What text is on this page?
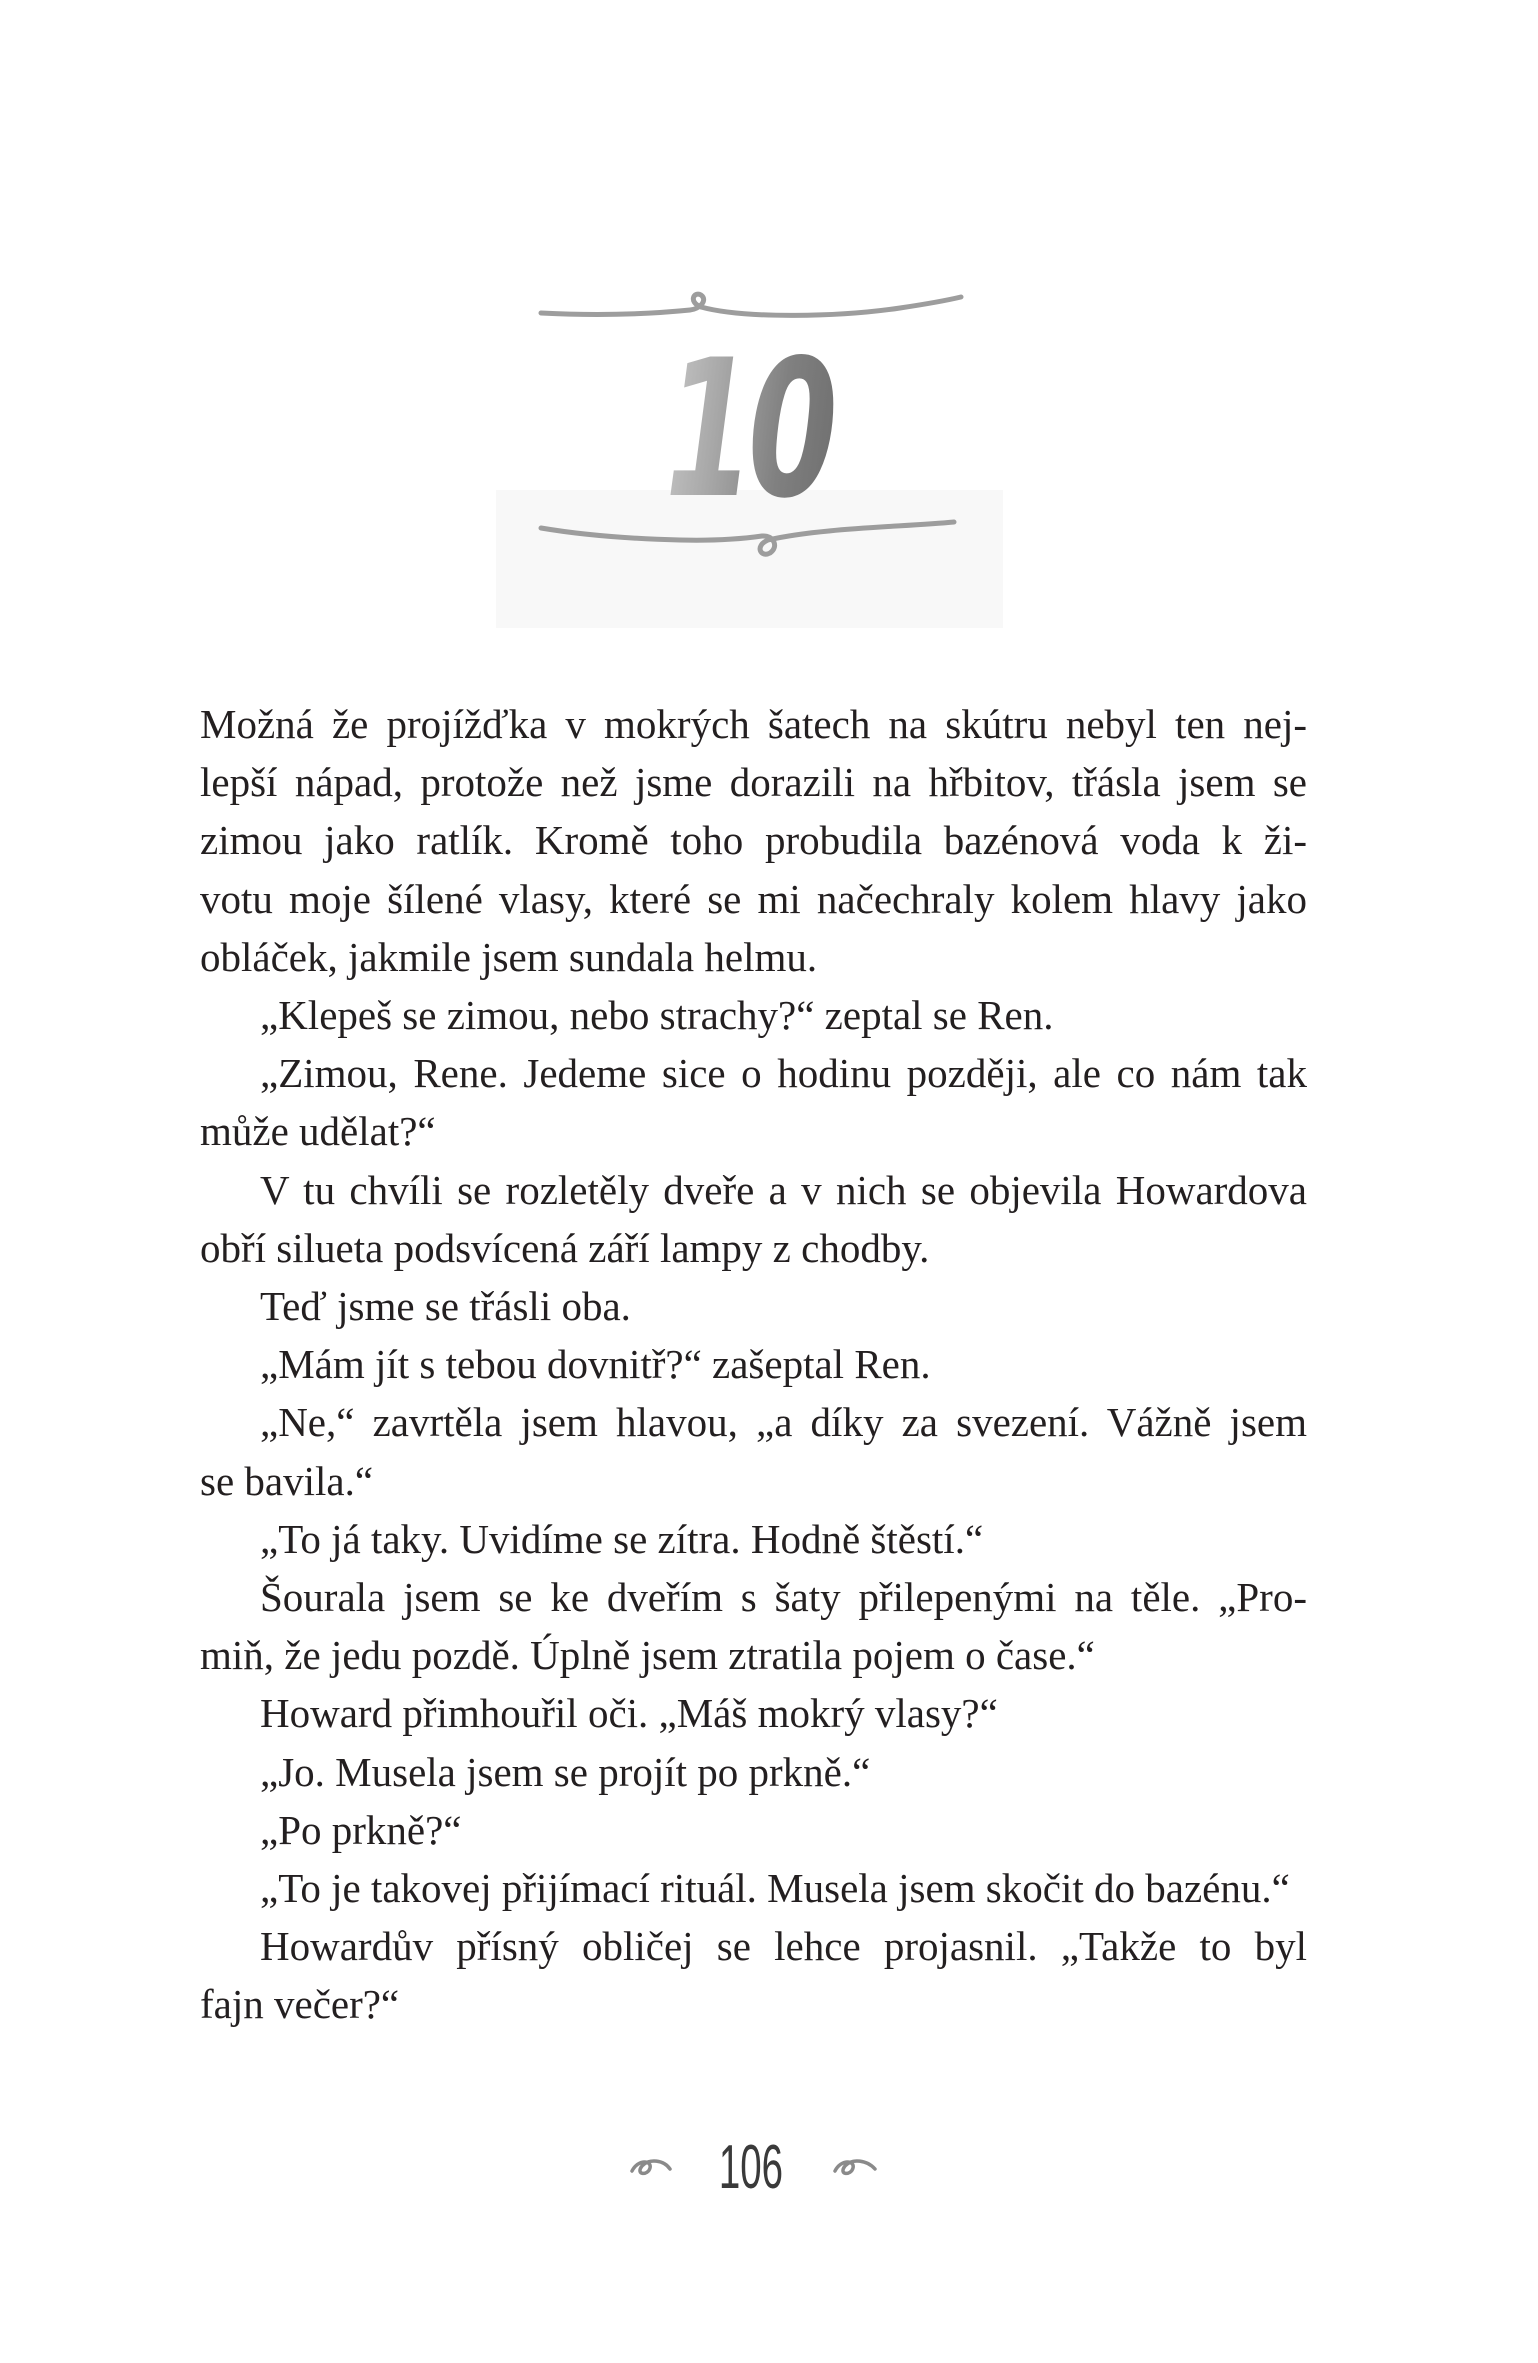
10
Možná že projížďka v mokrých šatech na skútru nebyl ten nej-
lepší nápad, protože než jsme dorazili na hřbitov, třásla jsem se
zimou jako ratlík. Kromě toho probudila bazénová voda k ži-
votu moje šílené vlasy, které se mi načechraly kolem hlavy jako
obláček, jakmile jsem sundala helmu.
„Klepeš se zimou, nebo strachy?“ zeptal se Ren.
„Zimou, Rene. Jedeme sice o hodinu později, ale co nám tak
může udělat?“
V tu chvíli se rozletěly dveře a v nich se objevila Howardova
obří silueta podsvícená září lampy z chodby.
Teď jsme se třásli oba.
„Mám jít s tebou dovnitř?“ zašeptal Ren.
„Ne,“ zavrtěla jsem hlavou, „a díky za svezení. Vážně jsem
se bavila.“
„To já taky. Uvidíme se zítra. Hodně štěstí.“
Šourala jsem se ke dveřím s šaty přilepenými na těle. „Pro-
miň, že jedu pozdě. Úplně jsem ztratila pojem o čase.“
Howard přimhouřil oči. „Máš mokrý vlasy?“
„Jo. Musela jsem se projít po prkně.“
„Po prkně?“
„To je takovej přijímací rituál. Musela jsem skočit do bazénu.“
Howardův přísný obličej se lehce projasnil. „Takže to byl
fajn večer?“
106
